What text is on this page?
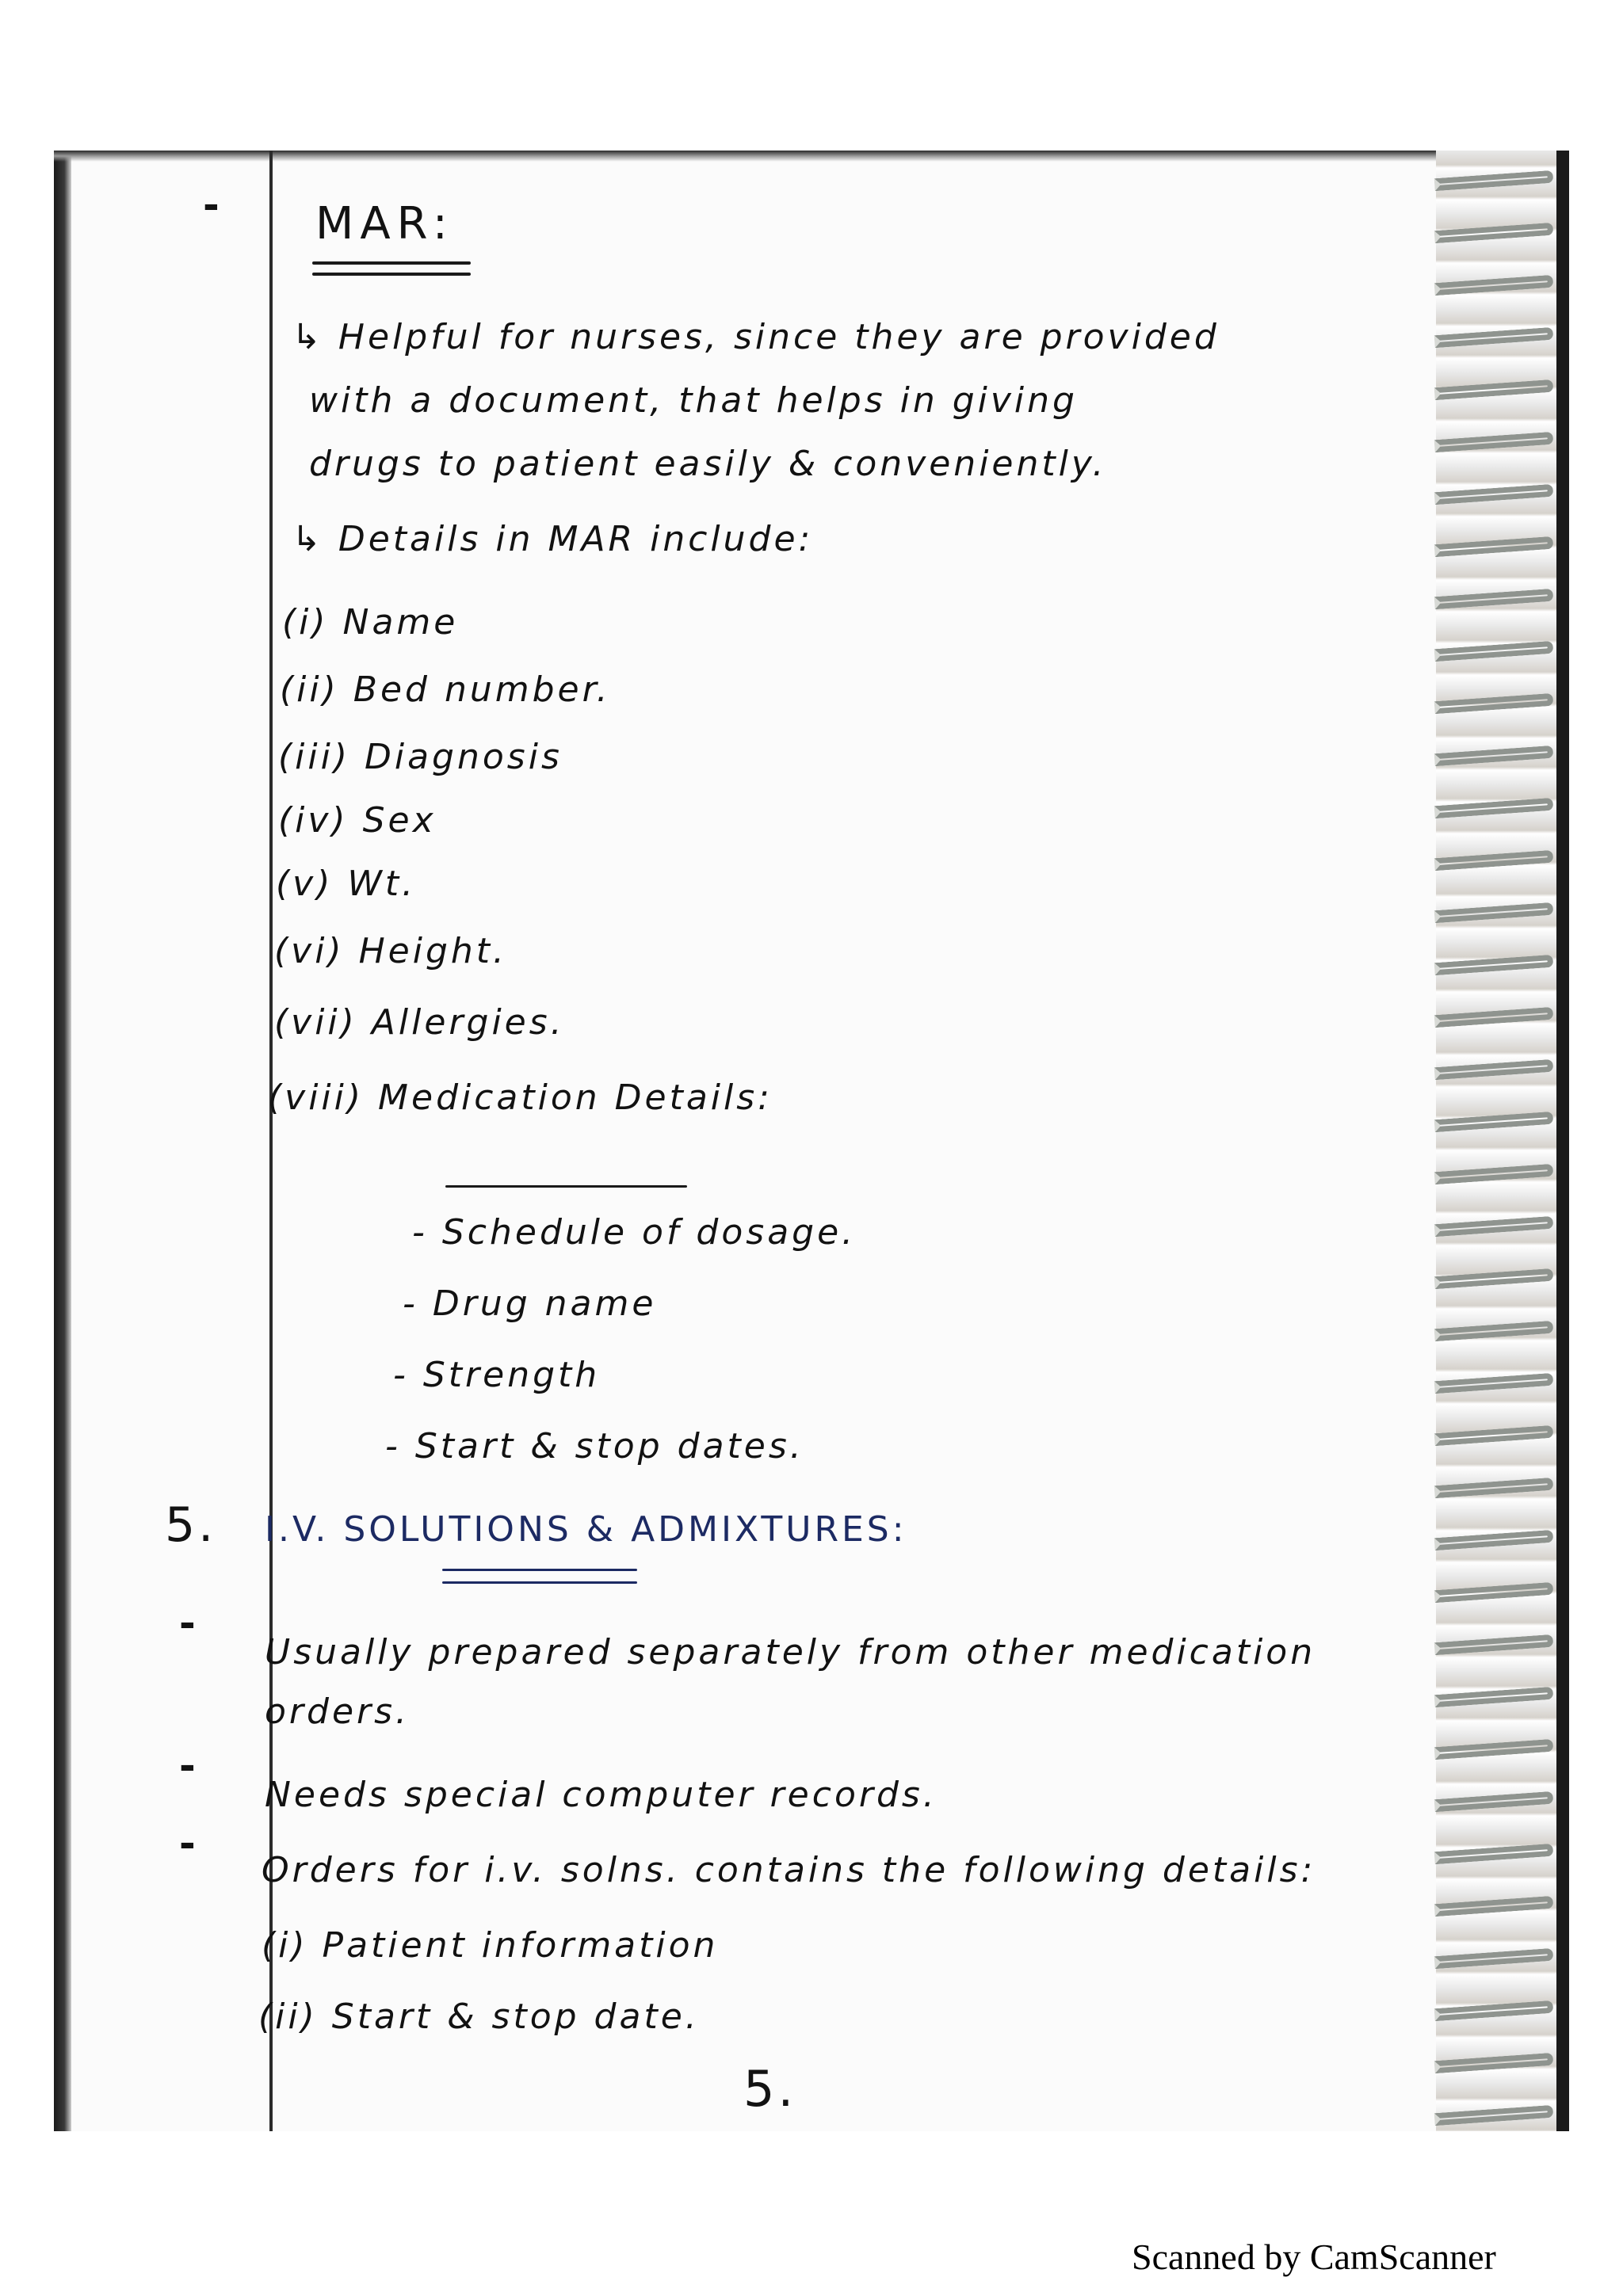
-
-
-
-
MAR:
↳ Helpful for nurses, since they are provided
with a document, that helps in giving
drugs to patient easily & conveniently.
↳ Details in MAR include:
(i) Name
(ii) Bed number.
(iii) Diagnosis
(iv) Sex
(v) Wt.
(vi) Height.
(vii) Allergies.
(viii) Medication Details:
- Schedule of dosage.
- Drug name
- Strength
- Start & stop dates.
5. I.V. SOLUTIONS & ADMIXTURES:
Usually prepared separately from other medication
orders.
Needs special computer records.
Orders for i.v. solns. contains the following details:
(i) Patient information
(ii) Start & stop date.
5.
Scanned by CamScanner
